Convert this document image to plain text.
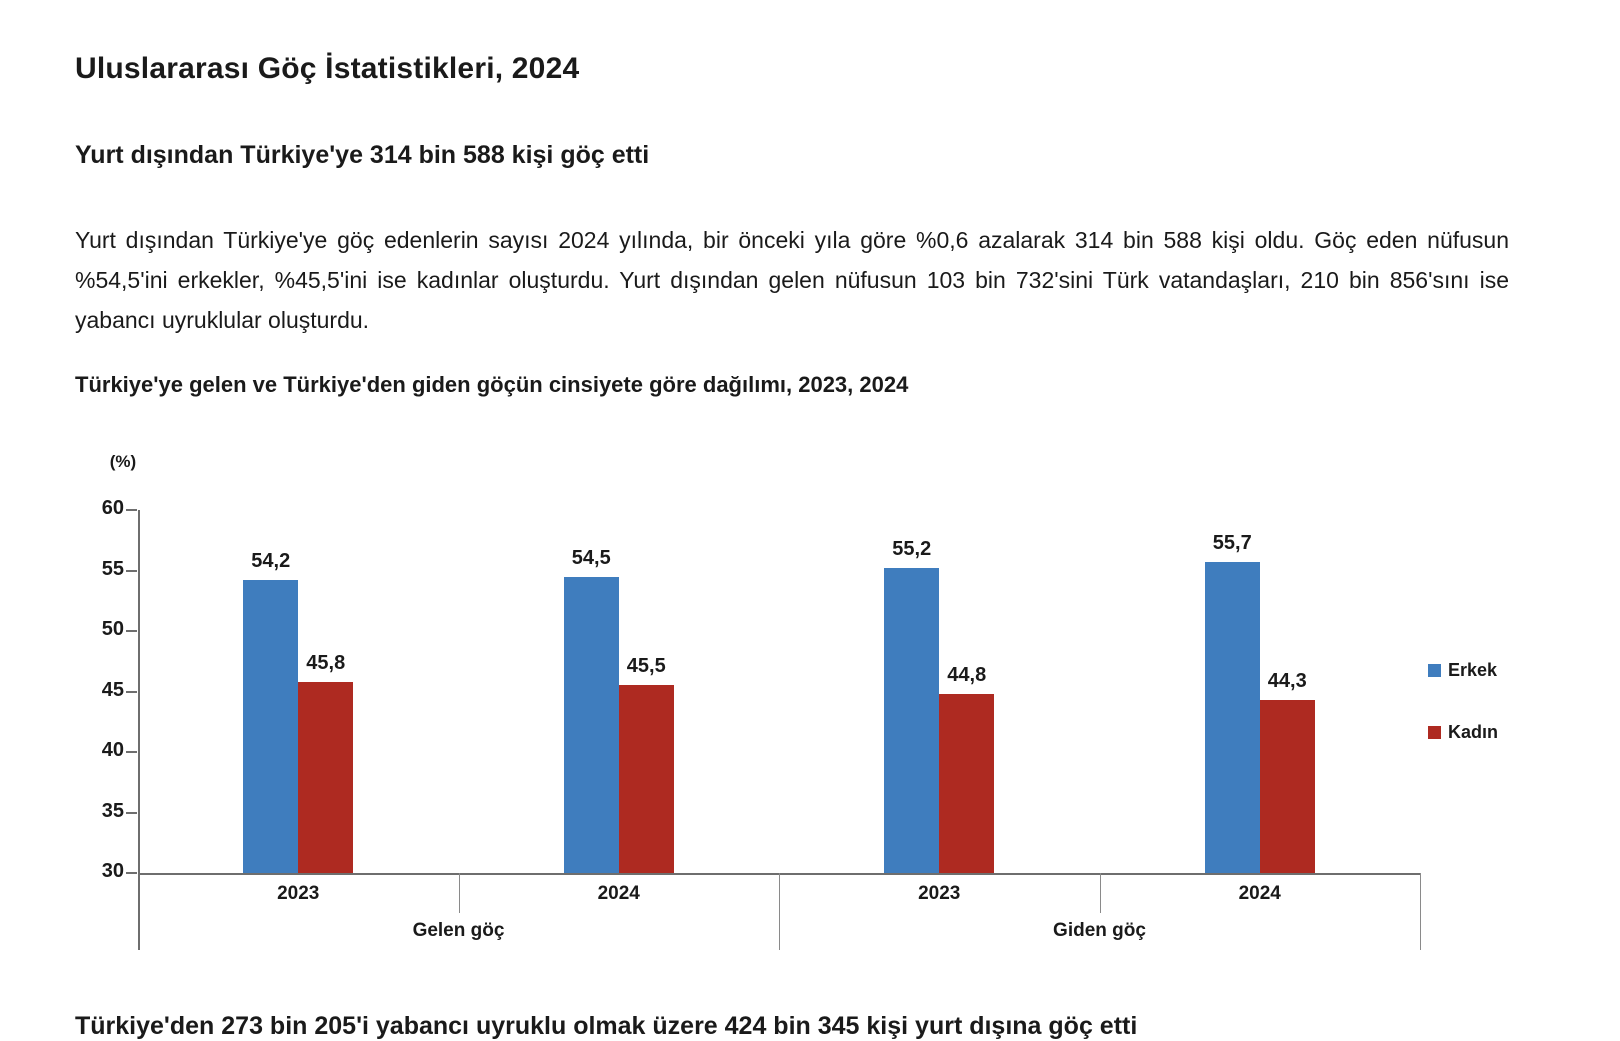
Uluslararası Göç İstatistikleri, 2024
Yurt dışından Türkiye'ye 314 bin 588 kişi göç etti

Yurt dışından Türkiye'ye göç edenlerin sayısı 2024 yılında, bir önceki yıla göre %0,6 azalarak 314 bin 588 kişi oldu. Göç eden nüfusun %54,5'ini erkekler, %45,5'ini ise kadınlar oluşturdu. Yurt dışından gelen nüfusun 103 bin 732'sini Türk vatandaşları, 210 bin 856'sını ise yabancı uyruklular oluşturdu.

Türkiye'ye gelen ve Türkiye'den giden göçün cinsiyete göre dağılımı, 2023, 2024
(%)
30
35
40
45
50
55
60
54,2
45,8
2023
54,5
45,5
2024
55,2
44,8
2023
55,7
44,3
2024
Gelen göç	Giden göç
Erkek
Kadın
Türkiye'den 273 bin 205'i yabancı uyruklu olmak üzere 424 bin 345 kişi yurt dışına göç etti
